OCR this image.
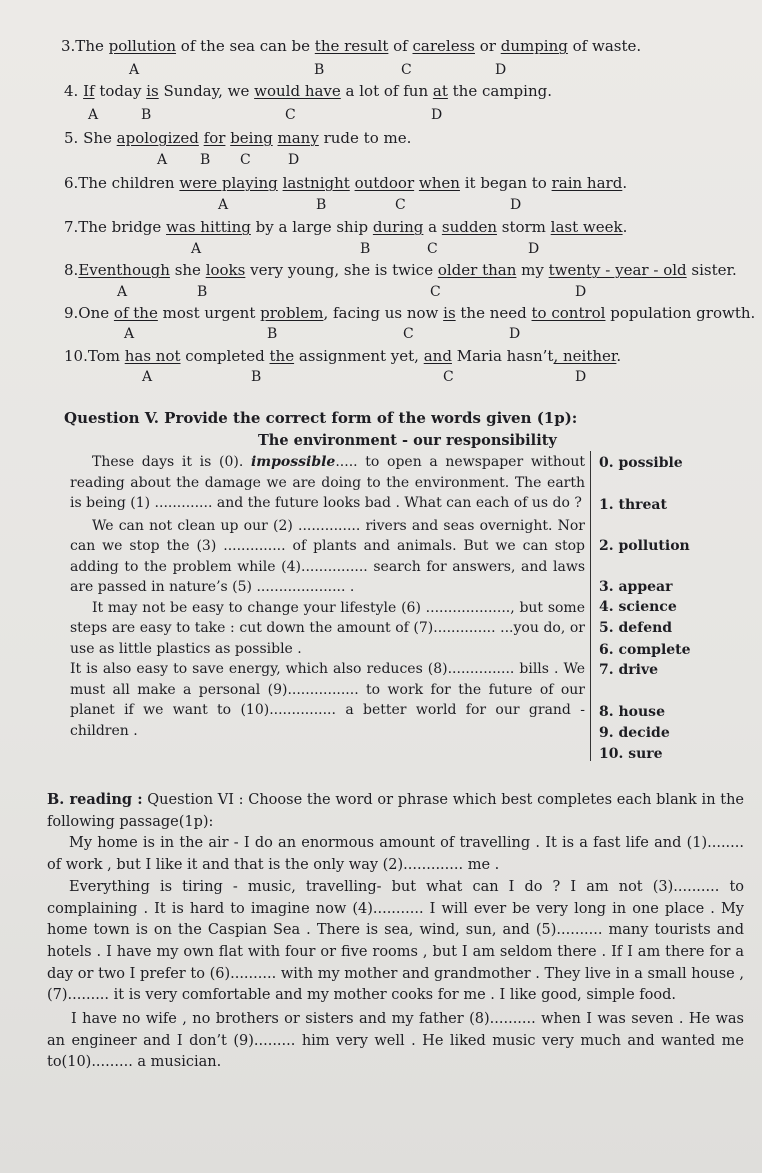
3.The pollution of the sea can be the result of careless or dumping of waste.
A	B	C	D
4. If today is Sunday, we would have a lot of fun at the camping.
A	B	C	D
5. She apologized for being many rude to me.
A B C	D
6.The children were playing lastnight outdoor when it began to rain hard.
A	B	C	D
7.The bridge was hitting by a large ship during a sudden storm last week.
A	B	C	D
8.Eventhough she looks very young, she is twice older than my twenty - year - old sister.
A	B	C	D
9.One of the most urgent problem, facing us now is the need to control population growth.
A	B	C	D
10.Tom has not completed the assignment yet, and Maria hasn’t, neither.
A	B	C	D
Question V. Provide the correct form of the words given (1p):
The environment - our responsibility

These days it is (0). impossible..... to open a newspaper without reading about the damage we are doing to the environment. The earth is being (1) ............. and the future looks bad . What can each of us do ?

We can not clean up our (2) .............. rivers and seas overnight. Nor can we stop the (3) .............. of plants and animals. But we can stop adding to the problem while (4)............... search for answers, and laws are passed in nature’s (5) .................... .

It may not be easy to change your lifestyle (6) ..................., but some steps are easy to take : cut down the amount of (7).............. ...you do, or use as little plastics as possible .

It is also easy to save energy, which also reduces (8)............... bills . We must all make a personal (9)................ to work for the future of our planet if we want to (10)............... a better world for our grand - children .

0. possible
1. threat
2. pollution
3. appear
4. science
5. defend
6. complete
7. drive
8. house
9. decide
10. sure

B. reading : Question VI : Choose the word or phrase which best completes each blank in the following passage(1p):

My home is in the air - I do an enormous amount of travelling . It is a fast life and (1)........ of work , but I like it and that is the only way (2)............. me .

Everything is tiring - music, travelling- but what can I do ? I am not (3).......... to complaining . It is hard to imagine now (4)........... I will ever be very long in one place . My home town is on the Caspian Sea . There is sea, wind, sun, and (5).......... many tourists and hotels . I have my own flat with four or five rooms , but I am seldom there . If I am there for a day or two I prefer to (6).......... with my mother and grandmother . They live in a small house , (7)......... it is very comfortable and my mother cooks for me . I like good, simple food.

I have no wife , no brothers or sisters and my father (8).......... when I was seven . He was an engineer and I don’t (9)......... him very well . He liked music very much and wanted me to(10)......... a musician.
